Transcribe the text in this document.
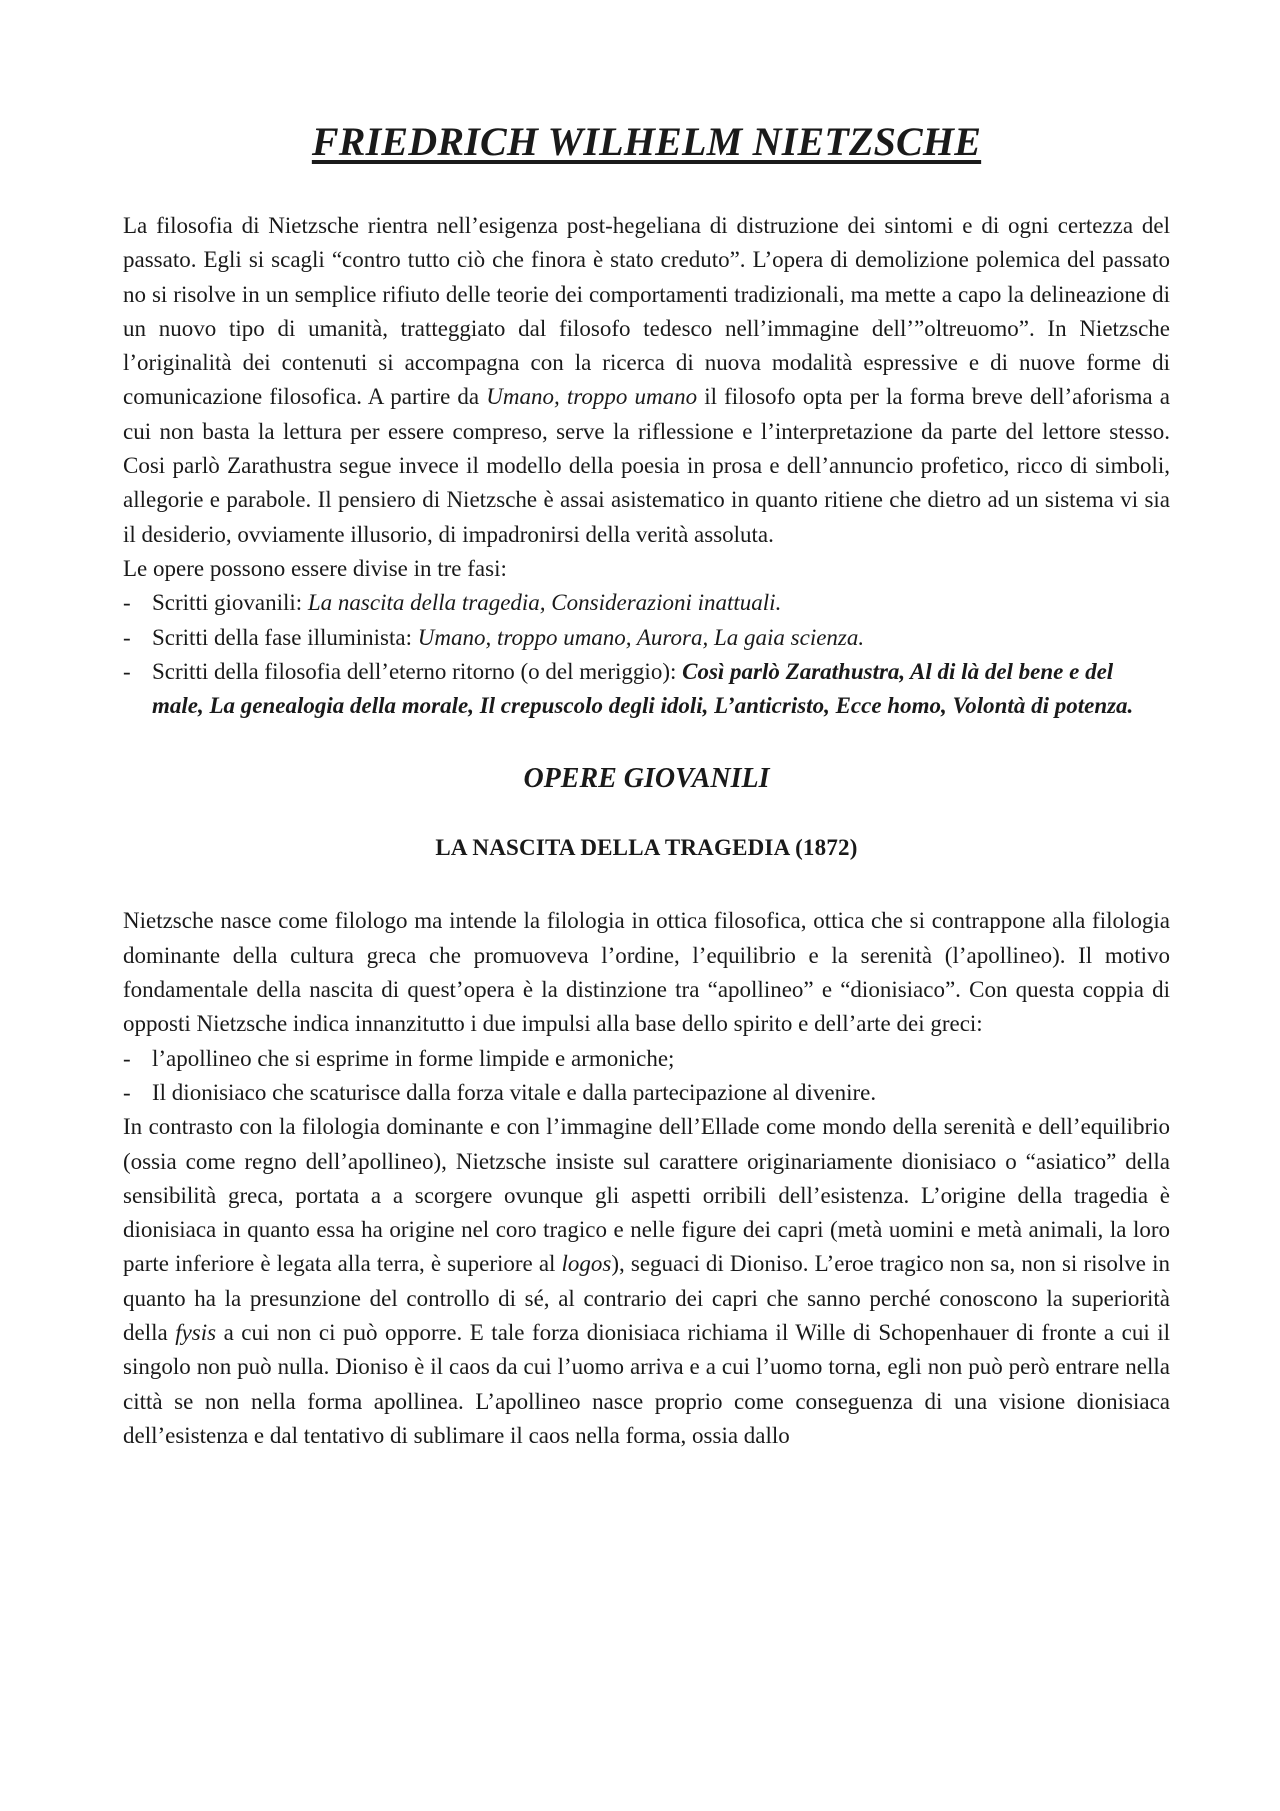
FRIEDRICH WILHELM NIETZSCHE

La filosofia di Nietzsche rientra nell’esigenza post-hegeliana di distruzione dei sintomi e di ogni certezza del passato. Egli si scagli “contro tutto ciò che finora è stato creduto”. L’opera di demolizione polemica del passato no si risolve in un semplice rifiuto delle teorie dei comportamenti tradizionali, ma mette a capo la delineazione di un nuovo tipo di umanità, tratteggiato dal filosofo tedesco nell’immagine dell’”oltreuomo”. In Nietzsche l’originalità dei contenuti si accompagna con la ricerca di nuova modalità espressive e di nuove forme di comunicazione filosofica. A partire da Umano, troppo umano il filosofo opta per la forma breve dell’aforisma a cui non basta la lettura per essere compreso, serve la riflessione e l’interpretazione da parte del lettore stesso. Cosi parlò Zarathustra segue invece il modello della poesia in prosa e dell’annuncio profetico, ricco di simboli, allegorie e parabole. Il pensiero di Nietzsche è assai asistematico in quanto ritiene che dietro ad un sistema vi sia il desiderio, ovviamente illusorio, di impadronirsi della verità assoluta.

Le opere possono essere divise in tre fasi:

- Scritti giovanili: La nascita della tragedia, Considerazioni inattuali.
- Scritti della fase illuminista: Umano, troppo umano, Aurora, La gaia scienza.
- Scritti della filosofia dell’eterno ritorno (o del meriggio): Così parlò Zarathustra, Al di là del bene e del male, La genealogia della morale, Il crepuscolo degli idoli, L’anticristo, Ecce homo, Volontà di potenza.
OPERE GIOVANILI
LA NASCITA DELLA TRAGEDIA (1872)

Nietzsche nasce come filologo ma intende la filologia in ottica filosofica, ottica che si contrappone alla filologia dominante della cultura greca che promuoveva l’ordine, l’equilibrio e la serenità (l’apollineo). Il motivo fondamentale della nascita di quest’opera è la distinzione tra “apollineo” e “dionisiaco”. Con questa coppia di opposti Nietzsche indica innanzitutto i due impulsi alla base dello spirito e dell’arte dei greci:

- l’apollineo che si esprime in forme limpide e armoniche;
- Il dionisiaco che scaturisce dalla forza vitale e dalla partecipazione al divenire.

In contrasto con la filologia dominante e con l’immagine dell’Ellade come mondo della serenità e dell’equilibrio (ossia come regno dell’apollineo), Nietzsche insiste sul carattere originariamente dionisiaco o “asiatico” della sensibilità greca, portata a a scorgere ovunque gli aspetti orribili dell’esistenza. L’origine della tragedia è dionisiaca in quanto essa ha origine nel coro tragico e nelle figure dei capri (metà uomini e metà animali, la loro parte inferiore è legata alla terra, è superiore al logos), seguaci di Dioniso. L’eroe tragico non sa, non si risolve in quanto ha la presunzione del controllo di sé, al contrario dei capri che sanno perché conoscono la superiorità della fysis a cui non ci può opporre. E tale forza dionisiaca richiama il Wille di Schopenhauer di fronte a cui il singolo non può nulla. Dioniso è il caos da cui l’uomo arriva e a cui l’uomo torna, egli non può però entrare nella città se non nella forma apollinea. L’apollineo nasce proprio come conseguenza di una visione dionisiaca dell’esistenza e dal tentativo di sublimare il caos nella forma, ossia dallo
